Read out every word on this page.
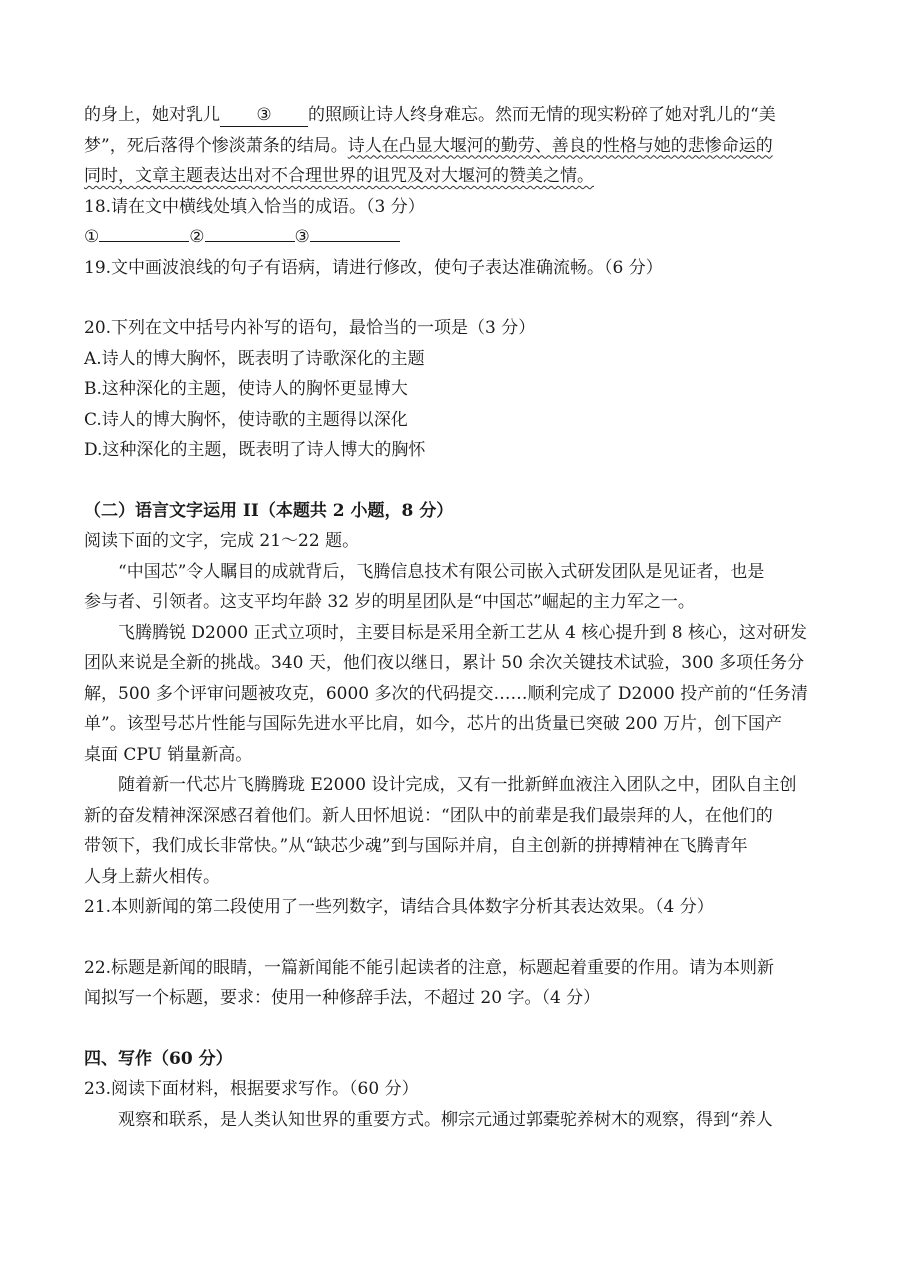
的身上，她对乳儿 ③ 的照顾让诗人终身难忘。然而无情的现实粉碎了她对乳儿的“美

梦”，死后落得个惨淡萧条的结局。诗人在凸显大堰河的勤劳、善良的性格与她的悲惨命运的

同时，文章主题表达出对不合理世界的诅咒及对大堰河的赞美之情。

18.请在文中横线处填入恰当的成语。（3 分）

①	②	③

19.文中画波浪线的句子有语病，请进行修改，使句子表达准确流畅。（6 分）

20.下列在文中括号内补写的语句，最恰当的一项是（3 分）

A.诗人的博大胸怀，既表明了诗歌深化的主题

B.这种深化的主题，使诗人的胸怀更显博大

C.诗人的博大胸怀，使诗歌的主题得以深化

D.这种深化的主题，既表明了诗人博大的胸怀

（二）语言文字运用 II（本题共 2 小题，8 分）

阅读下面的文字，完成 21～22 题。

“中国芯”令人瞩目的成就背后，飞腾信息技术有限公司嵌入式研发团队是见证者，也是

参与者、引领者。这支平均年龄 32 岁的明星团队是“中国芯”崛起的主力军之一。

飞腾腾锐 D2000 正式立项时，主要目标是采用全新工艺从 4 核心提升到 8 核心，这对研发

团队来说是全新的挑战。340 天，他们夜以继日，累计 50 余次关键技术试验，300 多项任务分

解，500 多个评审问题被攻克，6000 多次的代码提交……顺利完成了 D2000 投产前的“任务清

单”。该型号芯片性能与国际先进水平比肩，如今，芯片的出货量已突破 200 万片，创下国产

桌面 CPU 销量新高。

随着新一代芯片飞腾腾珑 E2000 设计完成，又有一批新鲜血液注入团队之中，团队自主创

新的奋发精神深深感召着他们。新人田怀旭说：“团队中的前辈是我们最崇拜的人，在他们的

带领下，我们成长非常快。”从“缺芯少魂”到与国际并肩，自主创新的拼搏精神在飞腾青年

人身上薪火相传。

21.本则新闻的第二段使用了一些列数字，请结合具体数字分析其表达效果。（4 分）

22.标题是新闻的眼睛，一篇新闻能不能引起读者的注意，标题起着重要的作用。请为本则新

闻拟写一个标题，要求：使用一种修辞手法，不超过 20 字。（4 分）

四、写作（60 分）

23.阅读下面材料，根据要求写作。（60 分）

观察和联系，是人类认知世界的重要方式。柳宗元通过郭橐驼养树木的观察，得到“养人
